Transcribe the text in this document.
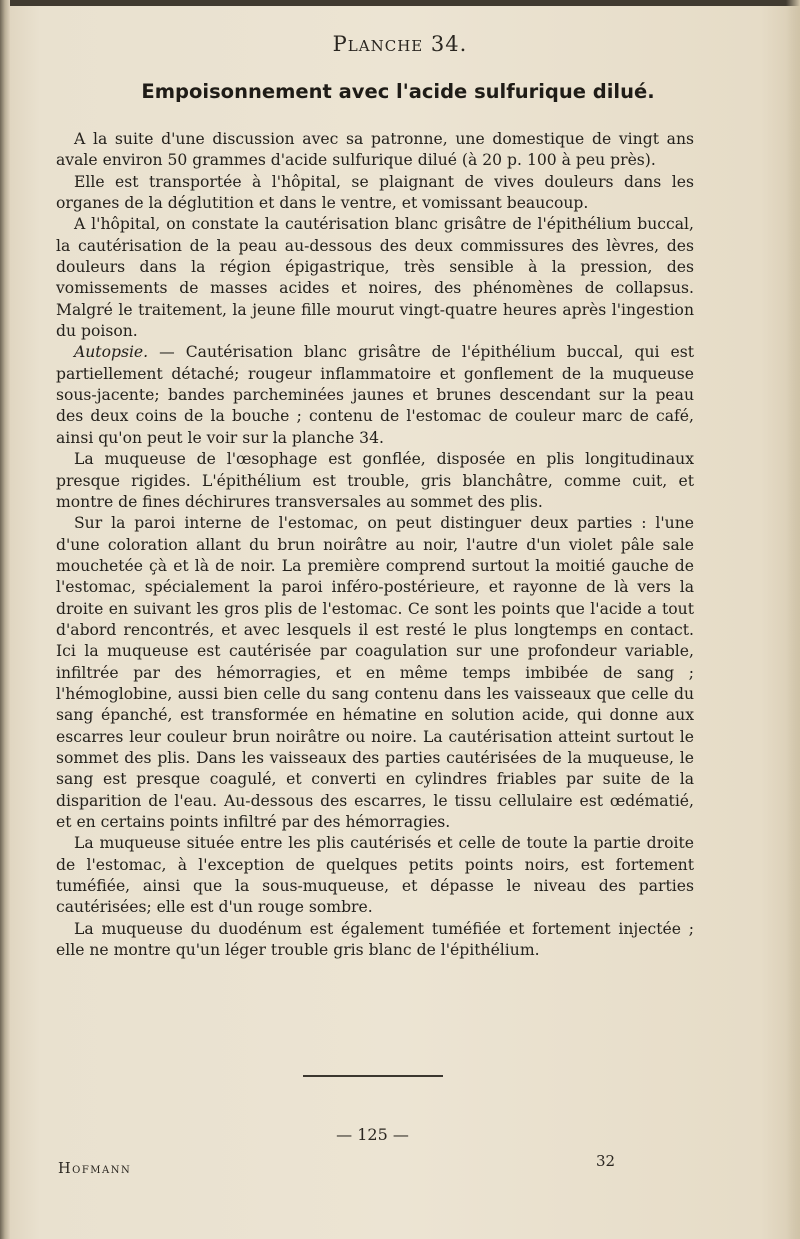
Planche 34.
Empoisonnement avec l'acide sulfurique dilué.

A la suite d'une discussion avec sa patronne, une domestique de vingt ans avale environ 50 grammes d'acide sulfurique dilué (à 20 p. 100 à peu près).

Elle est transportée à l'hôpital, se plaignant de vives douleurs dans les organes de la déglutition et dans le ventre, et vomissant beaucoup.

A l'hôpital, on constate la cautérisation blanc grisâtre de l'épithélium buccal, la cautérisation de la peau au-dessous des deux commissures des lèvres, des douleurs dans la région épigastrique, très sensible à la pression, des vomissements de masses acides et noires, des phénomènes de collapsus. Malgré le traitement, la jeune fille mourut vingt-quatre heures après l'ingestion du poison.

Autopsie. — Cautérisation blanc grisâtre de l'épithélium buccal, qui est partiellement détaché; rougeur inflammatoire et gonflement de la muqueuse sous-jacente; bandes parcheminées jaunes et brunes descendant sur la peau des deux coins de la bouche ; contenu de l'estomac de couleur marc de café, ainsi qu'on peut le voir sur la planche 34.

La muqueuse de l'œsophage est gonflée, disposée en plis longitudinaux presque rigides. L'épithélium est trouble, gris blanchâtre, comme cuit, et montre de fines déchirures transversales au sommet des plis.

Sur la paroi interne de l'estomac, on peut distinguer deux parties : l'une d'une coloration allant du brun noirâtre au noir, l'autre d'un violet pâle sale mouchetée çà et là de noir. La première comprend surtout la moitié gauche de l'estomac, spécialement la paroi inféro-postérieure, et rayonne de là vers la droite en suivant les gros plis de l'estomac. Ce sont les points que l'acide a tout d'abord rencontrés, et avec lesquels il est resté le plus longtemps en contact. Ici la muqueuse est cautérisée par coagulation sur une profondeur variable, infiltrée par des hémorragies, et en même temps imbibée de sang ; l'hémoglobine, aussi bien celle du sang contenu dans les vaisseaux que celle du sang épanché, est transformée en hématine en solution acide, qui donne aux escarres leur couleur brun noirâtre ou noire. La cautérisation atteint surtout le sommet des plis. Dans les vaisseaux des parties cautérisées de la muqueuse, le sang est presque coagulé, et converti en cylindres friables par suite de la disparition de l'eau. Au-dessous des escarres, le tissu cellulaire est œdématié, et en certains points infiltré par des hémorragies.

La muqueuse située entre les plis cautérisés et celle de toute la partie droite de l'estomac, à l'exception de quelques petits points noirs, est fortement tuméfiée, ainsi que la sous-muqueuse, et dépasse le niveau des parties cautérisées; elle est d'un rouge sombre.

La muqueuse du duodénum est également tuméfiée et fortement injectée ; elle ne montre qu'un léger trouble gris blanc de l'épithélium.

— 125 —
Hofmann	32
